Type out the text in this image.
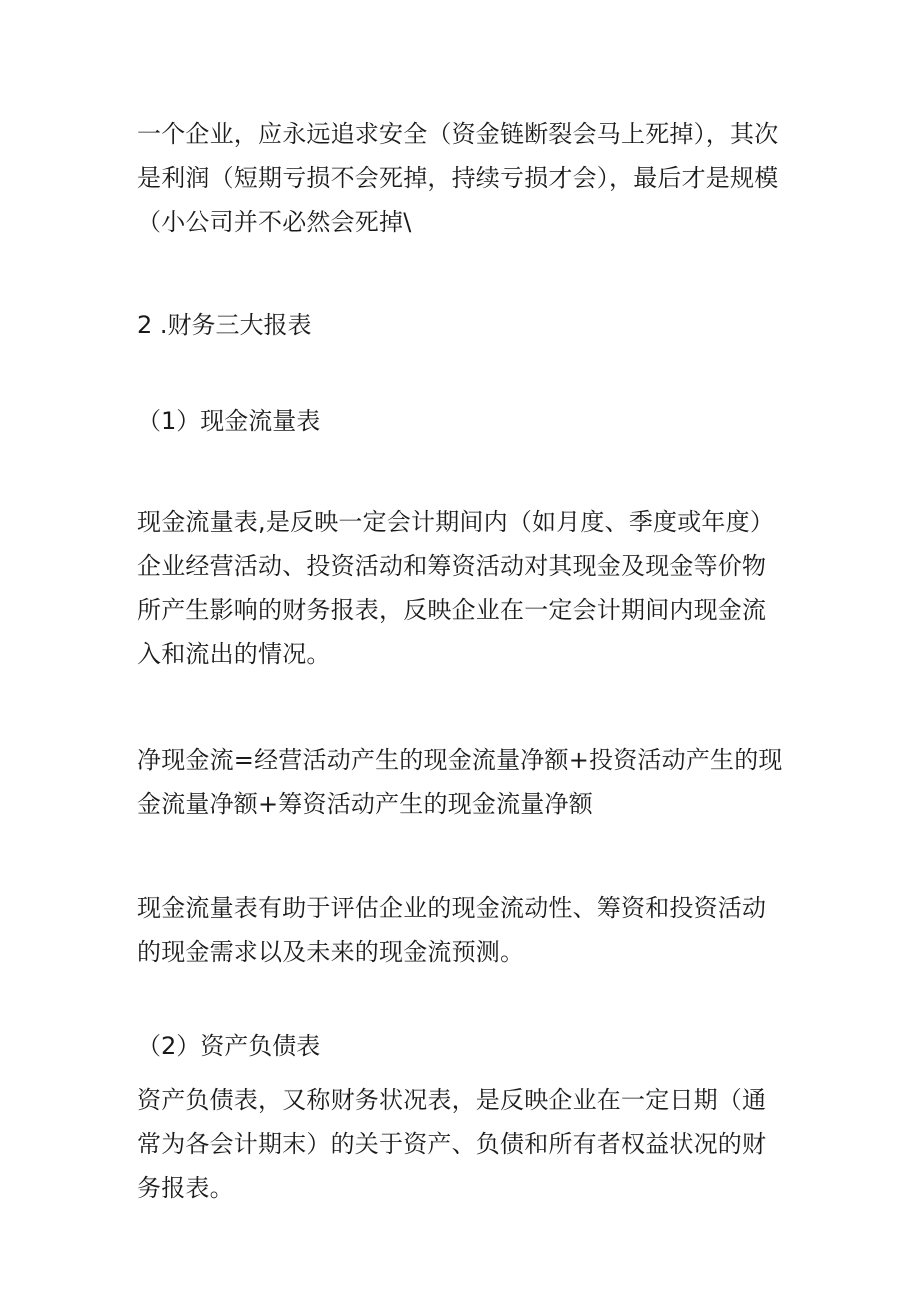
一个企业，应永远追求安全（资金链断裂会马上死掉），其次是利润（短期亏损不会死掉，持续亏损才会），最后才是规模（小公司并不必然会死掉\

2 .财务三大报表
（1）现金流量表

现金流量表,是反映一定会计期间内（如月度、季度或年度）企业经营活动、投资活动和筹资活动对其现金及现金等价物所产生影响的财务报表，反映企业在一定会计期间内现金流入和流出的情况。

净现金流=经营活动产生的现金流量净额+投资活动产生的现金流量净额+筹资活动产生的现金流量净额

现金流量表有助于评估企业的现金流动性、筹资和投资活动的现金需求以及未来的现金流预测。

（2）资产负债表

资产负债表，又称财务状况表，是反映企业在一定日期（通常为各会计期末）的关于资产、负债和所有者权益状况的财务报表。
